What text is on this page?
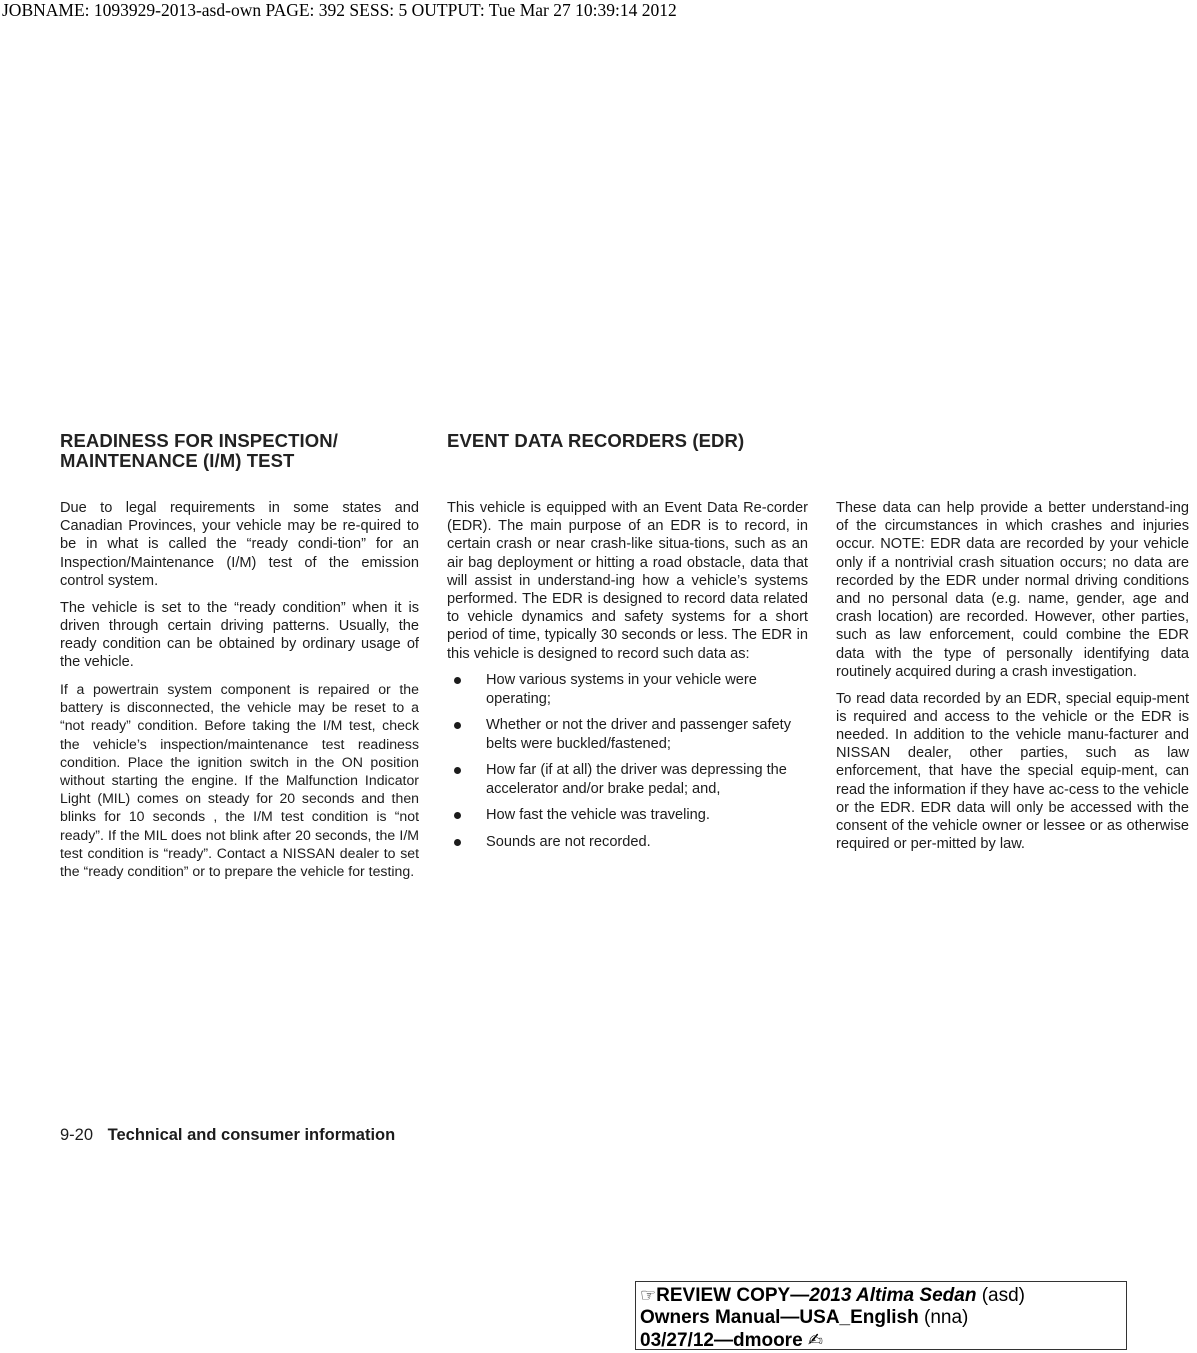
JOBNAME: 1093929-2013-asd-own PAGE: 392 SESS: 5 OUTPUT: Tue Mar 27 10:39:14 2012
READINESS FOR INSPECTION/
MAINTENANCE (I/M) TEST
EVENT DATA RECORDERS (EDR)

Due to legal requirements in some states and Canadian Provinces, your vehicle may be re-quired to be in what is called the “ready condi-tion” for an Inspection/Maintenance (I/M) test of the emission control system.

The vehicle is set to the “ready condition” when it is driven through certain driving patterns. Usually, the ready condition can be obtained by ordinary usage of the vehicle.

If a powertrain system component is repaired or the battery is disconnected, the vehicle may be reset to a “not ready” condition. Before taking the I/M test, check the vehicle’s inspection/maintenance test readiness condition. Place the ignition switch in the ON position without starting the engine. If the Malfunction Indicator Light (MIL) comes on steady for 20 seconds and then blinks for 10 seconds , the I/M test condition is “not ready”. If the MIL does not blink after 20 seconds, the I/M test condition is “ready”. Contact a NISSAN dealer to set the “ready condition” or to prepare the vehicle for testing.

This vehicle is equipped with an Event Data Re-corder (EDR). The main purpose of an EDR is to record, in certain crash or near crash-like situa-tions, such as an air bag deployment or hitting a road obstacle, data that will assist in understand-ing how a vehicle’s systems performed. The EDR is designed to record data related to vehicle dynamics and safety systems for a short period of time, typically 30 seconds or less. The EDR in this vehicle is designed to record such data as:

How various systems in your vehicle were operating;
Whether or not the driver and passenger safety belts were buckled/fastened;
How far (if at all) the driver was depressing the accelerator and/or brake pedal; and,
How fast the vehicle was traveling.
Sounds are not recorded.

These data can help provide a better understand-ing of the circumstances in which crashes and injuries occur. NOTE: EDR data are recorded by your vehicle only if a nontrivial crash situation occurs; no data are recorded by the EDR under normal driving conditions and no personal data (e.g. name, gender, age and crash location) are recorded. However, other parties, such as law enforcement, could combine the EDR data with the type of personally identifying data routinely acquired during a crash investigation.

To read data recorded by an EDR, special equip-ment is required and access to the vehicle or the EDR is needed. In addition to the vehicle manu-facturer and NISSAN dealer, other parties, such as law enforcement, that have the special equip-ment, can read the information if they have ac-cess to the vehicle or the EDR. EDR data will only be accessed with the consent of the vehicle owner or lessee or as otherwise required or per-mitted by law.

9-20 Technical and consumer information
☞REVIEW COPY—2013 Altima Sedan (asd)
Owners Manual—USA_English (nna)
03/27/12—dmoore ✍
